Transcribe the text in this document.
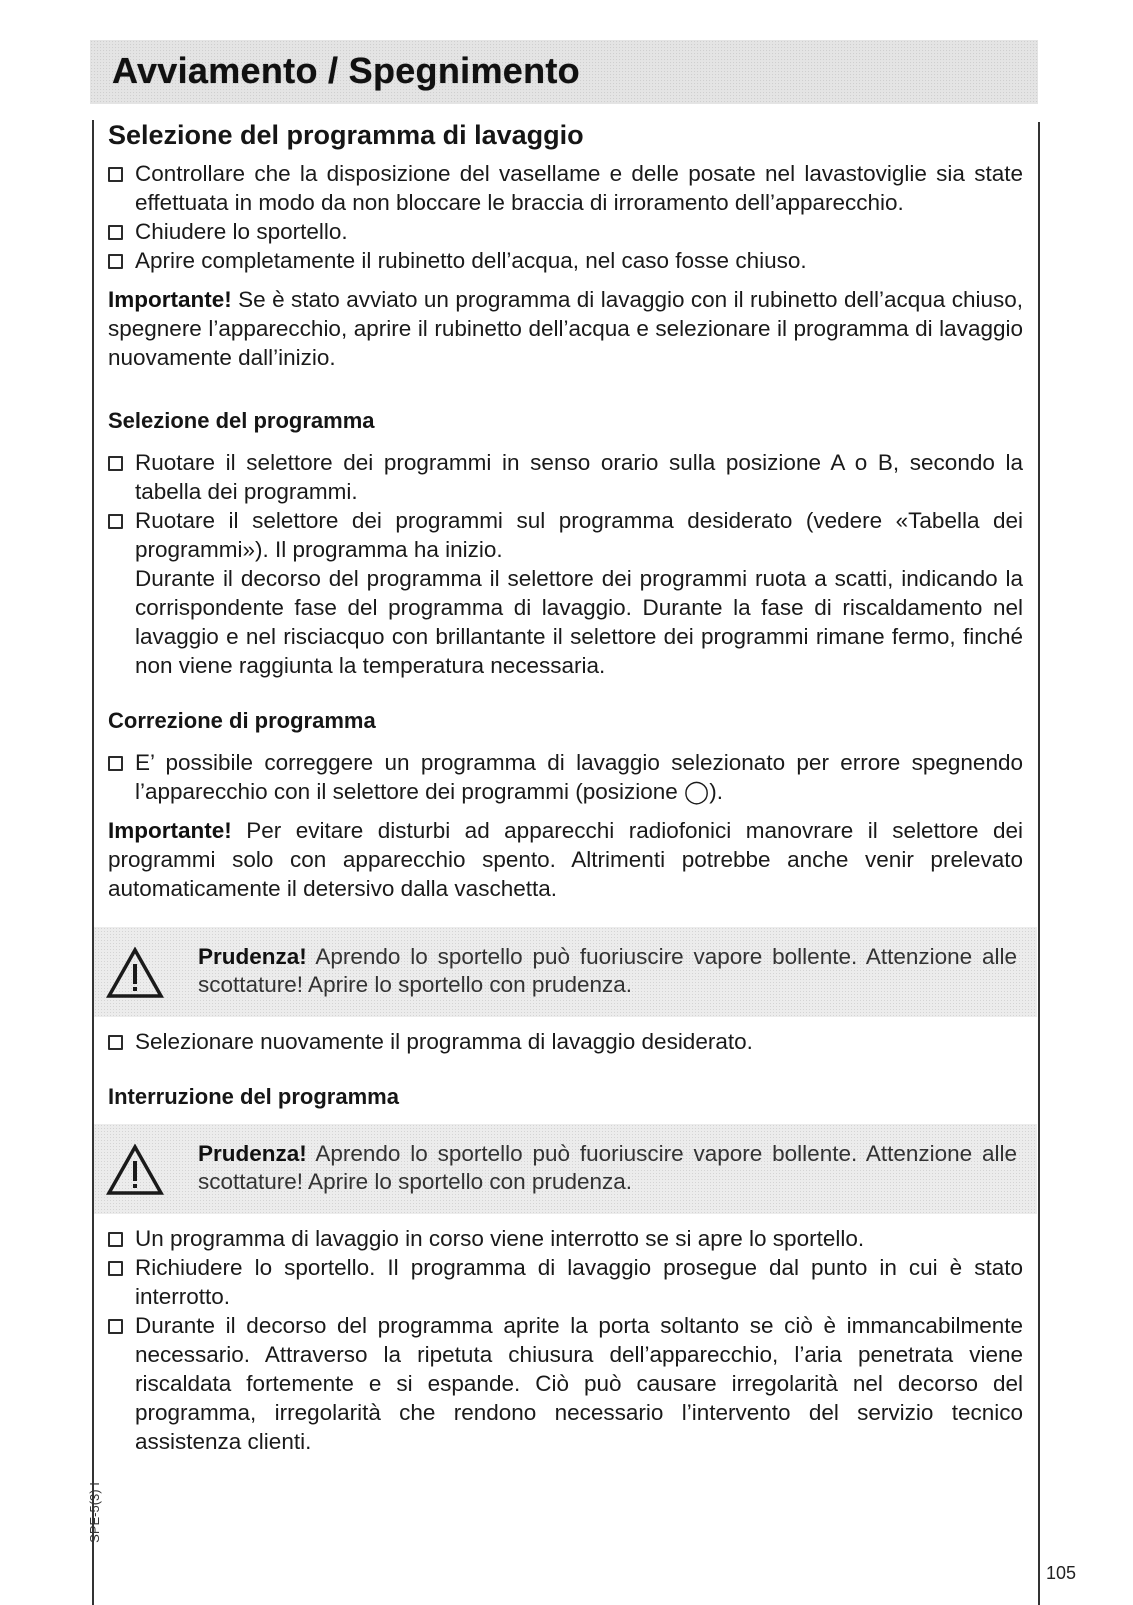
Avviamento / Spegnimento
Selezione del programma di lavaggio
Controllare che la disposizione del vasellame e delle posate nel lavastoviglie sia state effettuata in modo da non bloccare le braccia di irroramento dell’apparecchio.
Chiudere lo sportello.
Aprire completamente il rubinetto dell’acqua, nel caso fosse chiuso.

Importante! Se è stato avviato un programma di lavaggio con il rubinetto dell’acqua chiuso, spegnere l’apparecchio, aprire il rubinetto dell’acqua e selezionare il programma di lavaggio nuovamente dall’inizio.

Selezione del programma
Ruotare il selettore dei programmi in senso orario sulla posizione A o B, secondo la tabella dei programmi.

Ruotare il selettore dei programmi sul programma desiderato (vedere «Tabella dei programmi»). Il programma ha inizio.

Durante il decorso del programma il selettore dei programmi ruota a scatti, indicando la corrispondente fase del programma di lavaggio. Durante la fase di riscaldamento nel lavaggio e nel risciacquo con brillantante il selettore dei programmi rimane fermo, finché non viene raggiunta la temperatura necessaria.

Correzione di programma
E’ possibile correggere un programma di lavaggio selezionato per errore spegnendo l’apparecchio con il selettore dei programmi (posizione ◯).

Importante! Per evitare disturbi ad apparecchi radiofonici manovrare il selettore dei programmi solo con apparecchio spento. Altrimenti potrebbe anche venir prelevato automaticamente il detersivo dalla vaschetta.

Prudenza! Aprendo lo sportello può fuoriuscire vapore bollente. Attenzione alle scottature! Aprire lo sportello con prudenza.
Selezionare nuovamente il programma di lavaggio desiderato.
Interruzione del programma
Prudenza! Aprendo lo sportello può fuoriuscire vapore bollente. Attenzione alle scottature! Aprire lo sportello con prudenza.
Un programma di lavaggio in corso viene interrotto se si apre lo sportello.
Richiudere lo sportello. Il programma di lavaggio prosegue dal punto in cui è stato interrotto.
Durante il decorso del programma aprite la porta soltanto se ciò è immancabilmente necessario. Attraverso la ripetuta chiusura dell’apparecchio, l’aria penetrata viene riscaldata fortemente e si espande. Ciò può causare irregolarità nel decorso del programma, irregolarità che rendono necessario l’intervento del servizio tecnico assistenza clienti.
SPE-5(3) I
105
